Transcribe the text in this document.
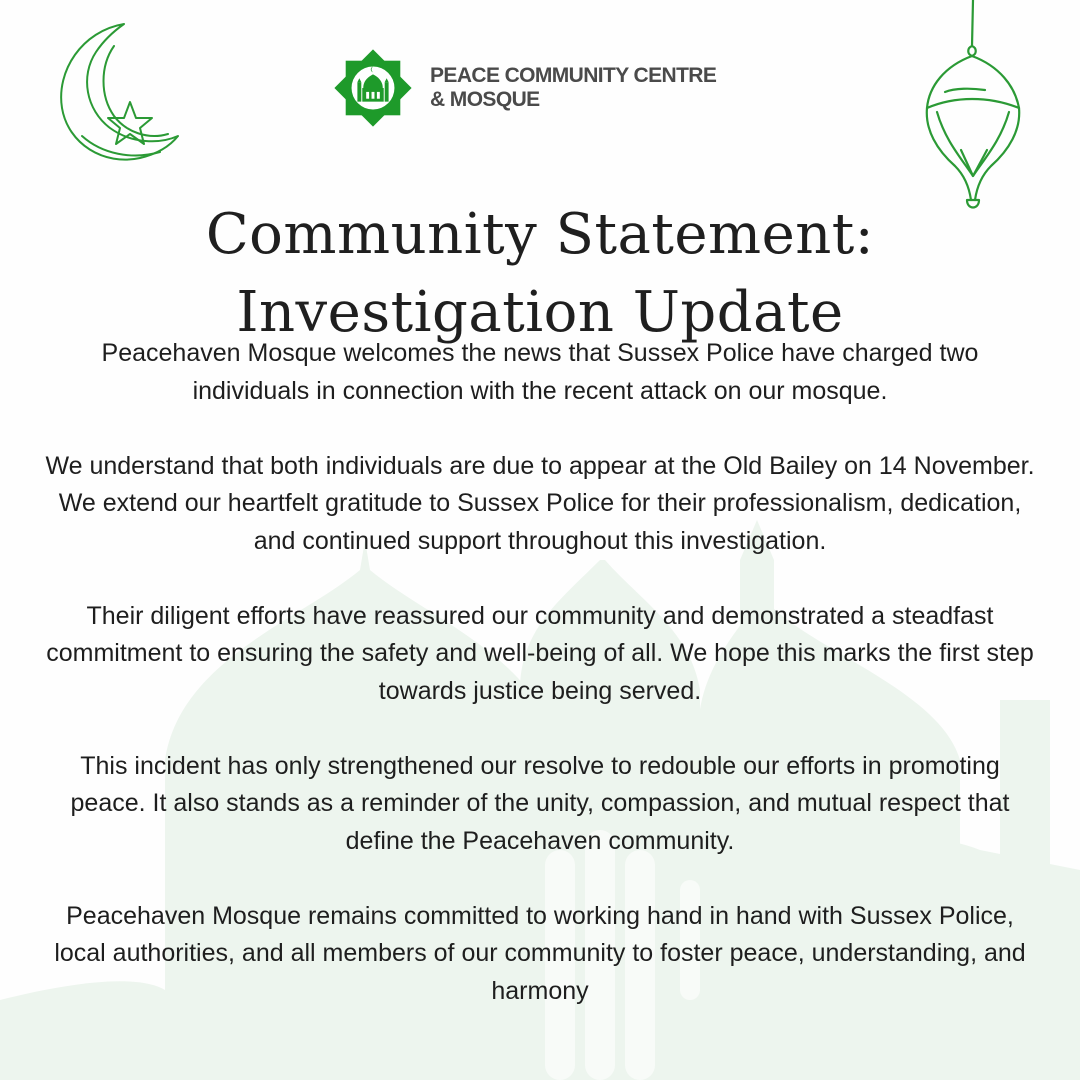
PEACE COMMUNITY CENTRE
& MOSQUE
Community Statement:
Investigation Update

Peacehaven Mosque welcomes the news that Sussex Police have charged two individuals in connection with the recent attack on our mosque.

We understand that both individuals are due to appear at the Old Bailey on 14 November. We extend our heartfelt gratitude to Sussex Police for their professionalism, dedication, and continued support throughout this investigation.

Their diligent efforts have reassured our community and demonstrated a steadfast commitment to ensuring the safety and well-being of all. We hope this marks the first step towards justice being served.

This incident has only strengthened our resolve to redouble our efforts in promoting peace. It also stands as a reminder of the unity, compassion, and mutual respect that define the Peacehaven community.

Peacehaven Mosque remains committed to working hand in hand with Sussex Police, local authorities, and all members of our community to foster peace, understanding, and harmony
